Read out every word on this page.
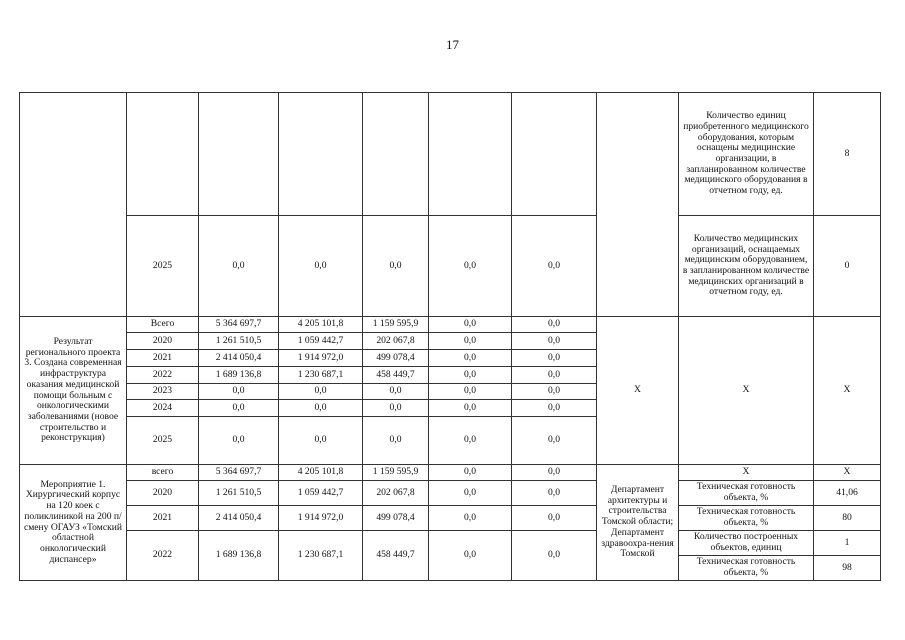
17
								Количество единиц приобретенного медицинского оборудования, которым оснащены медицинские организации, в запланированном количестве медицинского оборудования в отчетном году, ед.	8
	2025	0,0	0,0	0,0	0,0	0,0		Количество медицинских организаций, оснащаемых медицинским оборудованием, в запланированном количестве медицинских организаций в отчетном году, ед.	0
Результат регионального проекта 3. Создана современная инфраструктура оказания медицинской помощи больным с онкологическими заболеваниями (новое строительство и реконструкция)	Всего	5 364 697,7	4 205 101,8	1 159 595,9	0,0	0,0	X	X	X
	2020	1 261 510,5	1 059 442,7	202 067,8	0,0	0,0			
	2021	2 414 050,4	1 914 972,0	499 078,4	0,0	0,0			
	2022	1 689 136,8	1 230 687,1	458 449,7	0,0	0,0			
	2023	0,0	0,0	0,0	0,0	0,0			
	2024	0,0	0,0	0,0	0,0	0,0			
	2025	0,0	0,0	0,0	0,0	0,0			
Мероприятие 1. Хирургический корпус на 120 коек с поликлиникой на 200 п/смену ОГАУЗ «Томский областной онкологический диспансер»	всего	5 364 697,7	4 205 101,8	1 159 595,9	0,0	0,0	Департамент архитектуры и строительства Томской области; Департамент здравоохра-нения Томской	X	X
	2020	1 261 510,5	1 059 442,7	202 067,8	0,0	0,0		Техническая готовность объекта, %	41,06
	2021	2 414 050,4	1 914 972,0	499 078,4	0,0	0,0		Техническая готовность объекта, %	80
	2022	1 689 136,8	1 230 687,1	458 449,7	0,0	0,0		Количество построенных объектов, единиц	1
								Техническая готовность объекта, %	98
